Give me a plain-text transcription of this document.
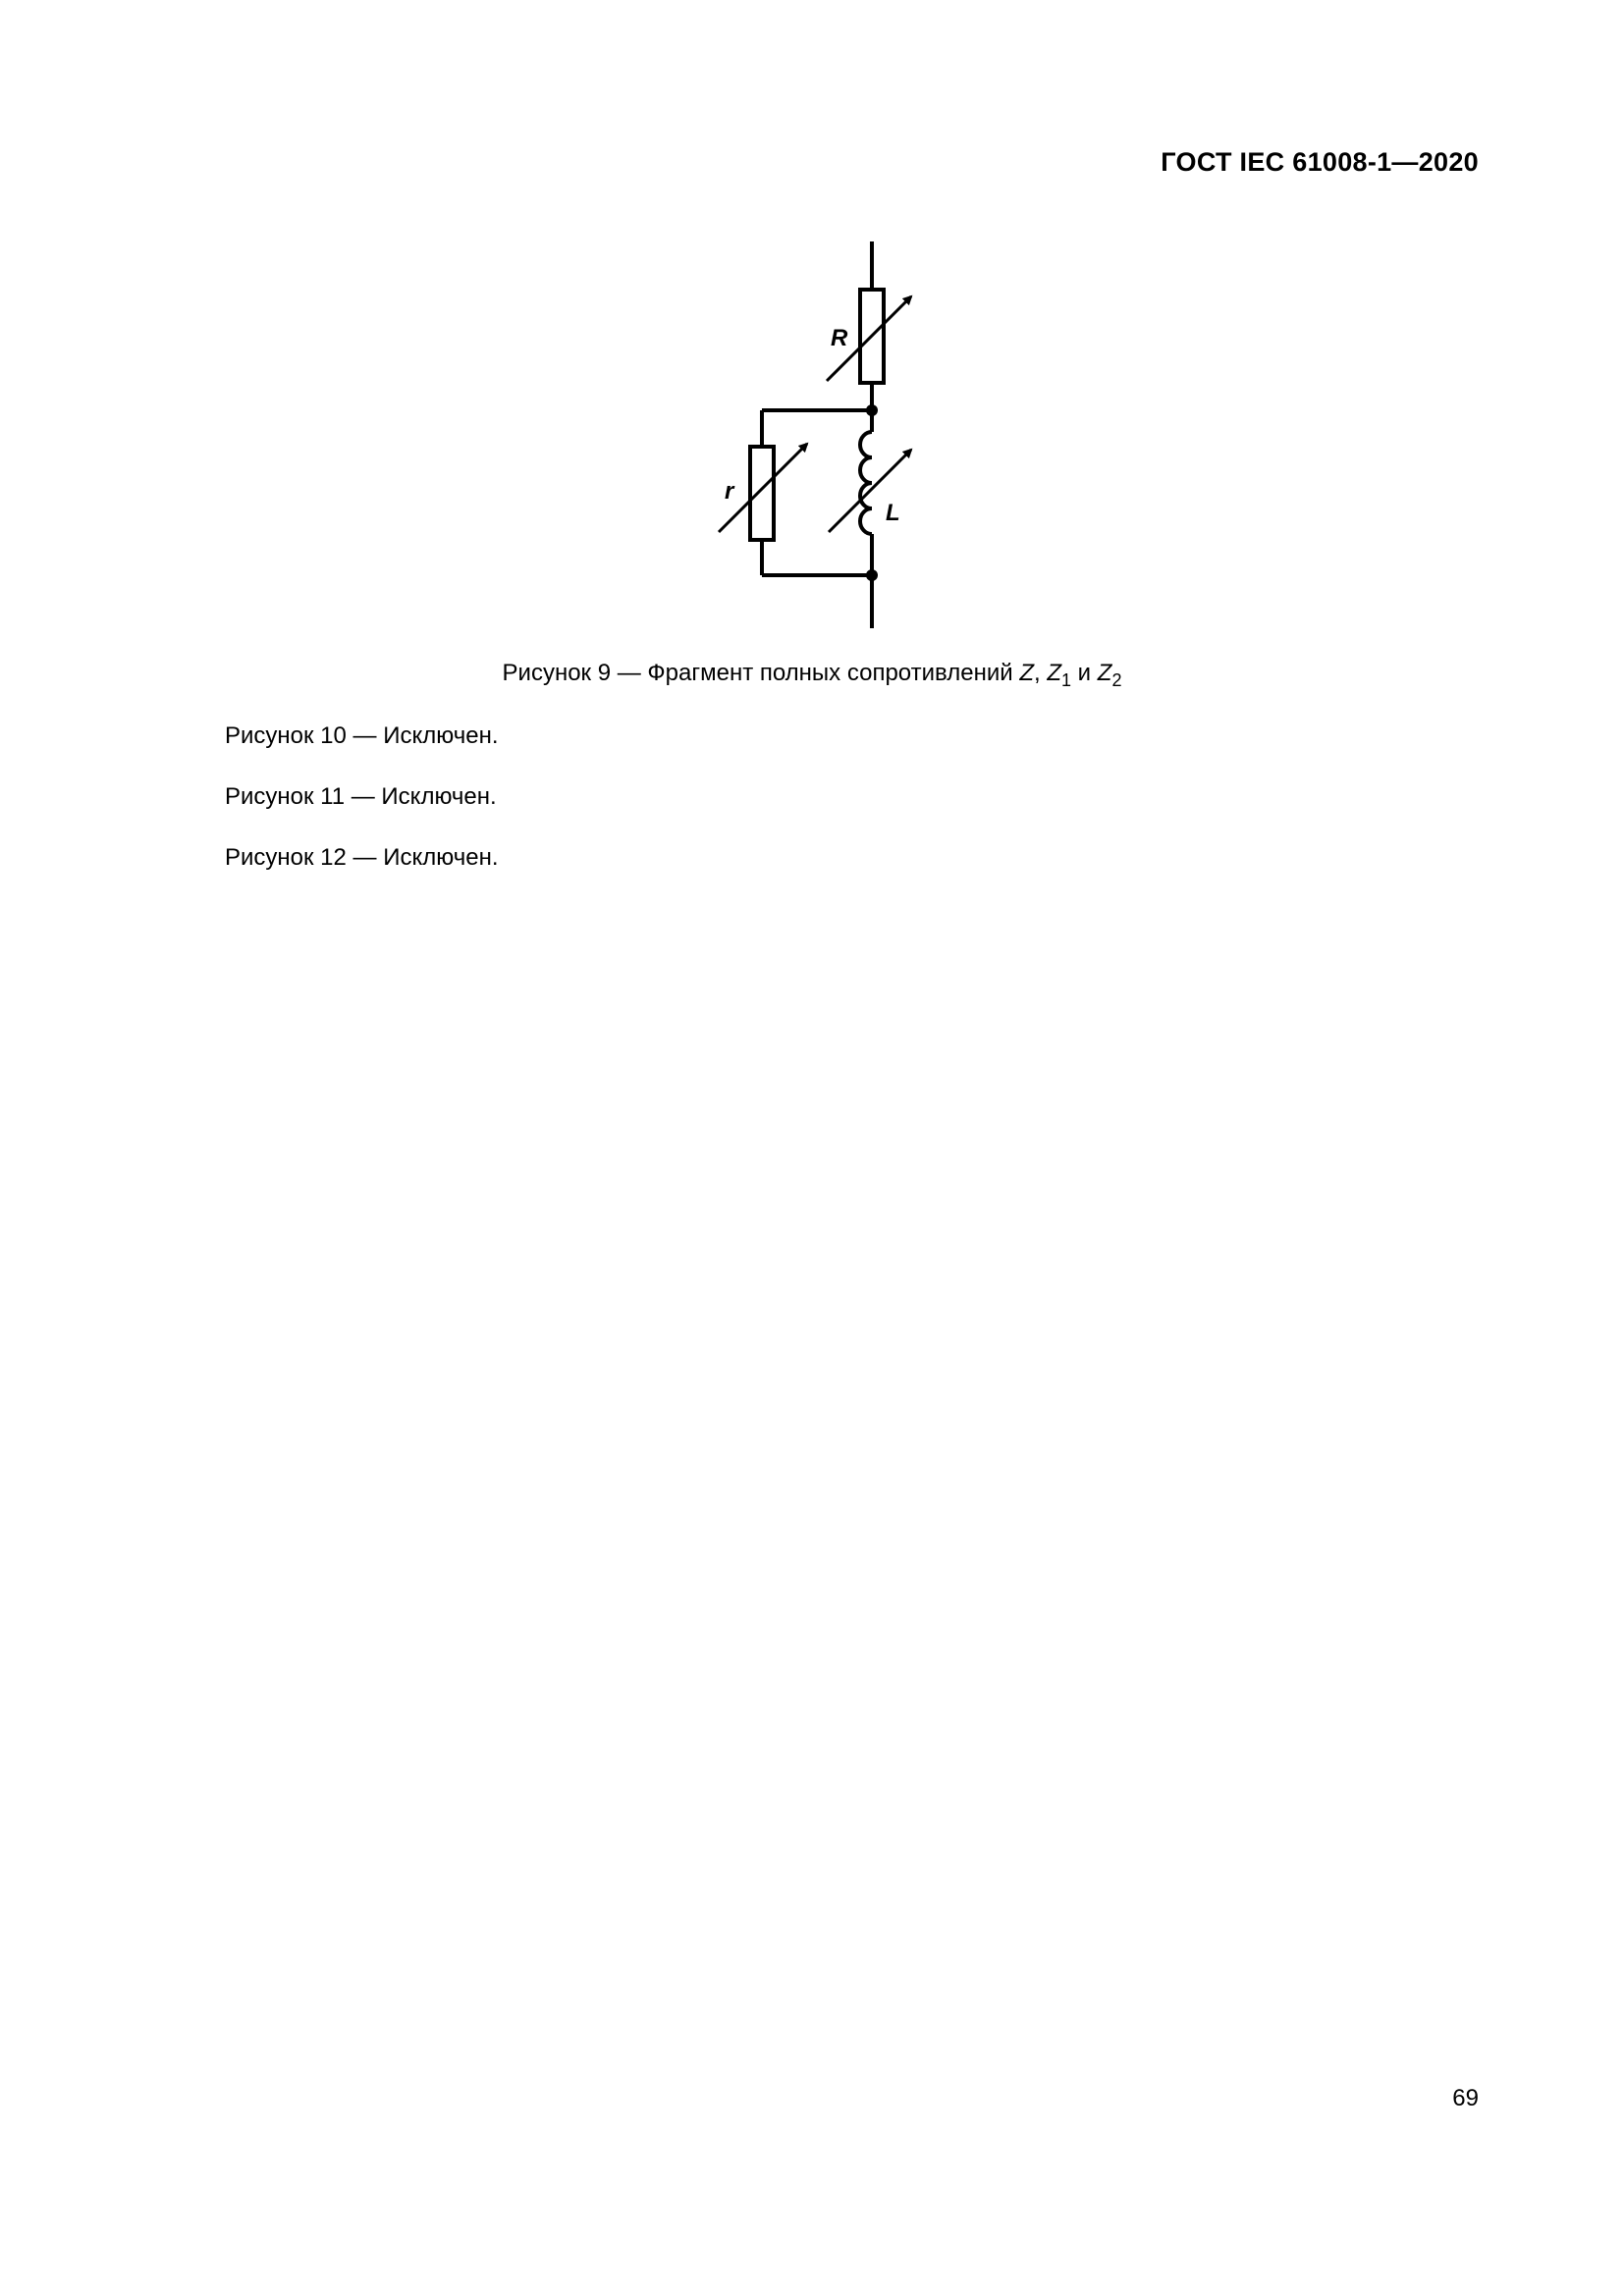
ГОСТ IEC 61008-1—2020
R
r
L
Рисунок 9 — Фрагмент полных сопротивлений Z, $Z_1$ и $Z_2$
Рисунок 10 — Исключен.
Рисунок 11 — Исключен.
Рисунок 12 — Исключен.
69
